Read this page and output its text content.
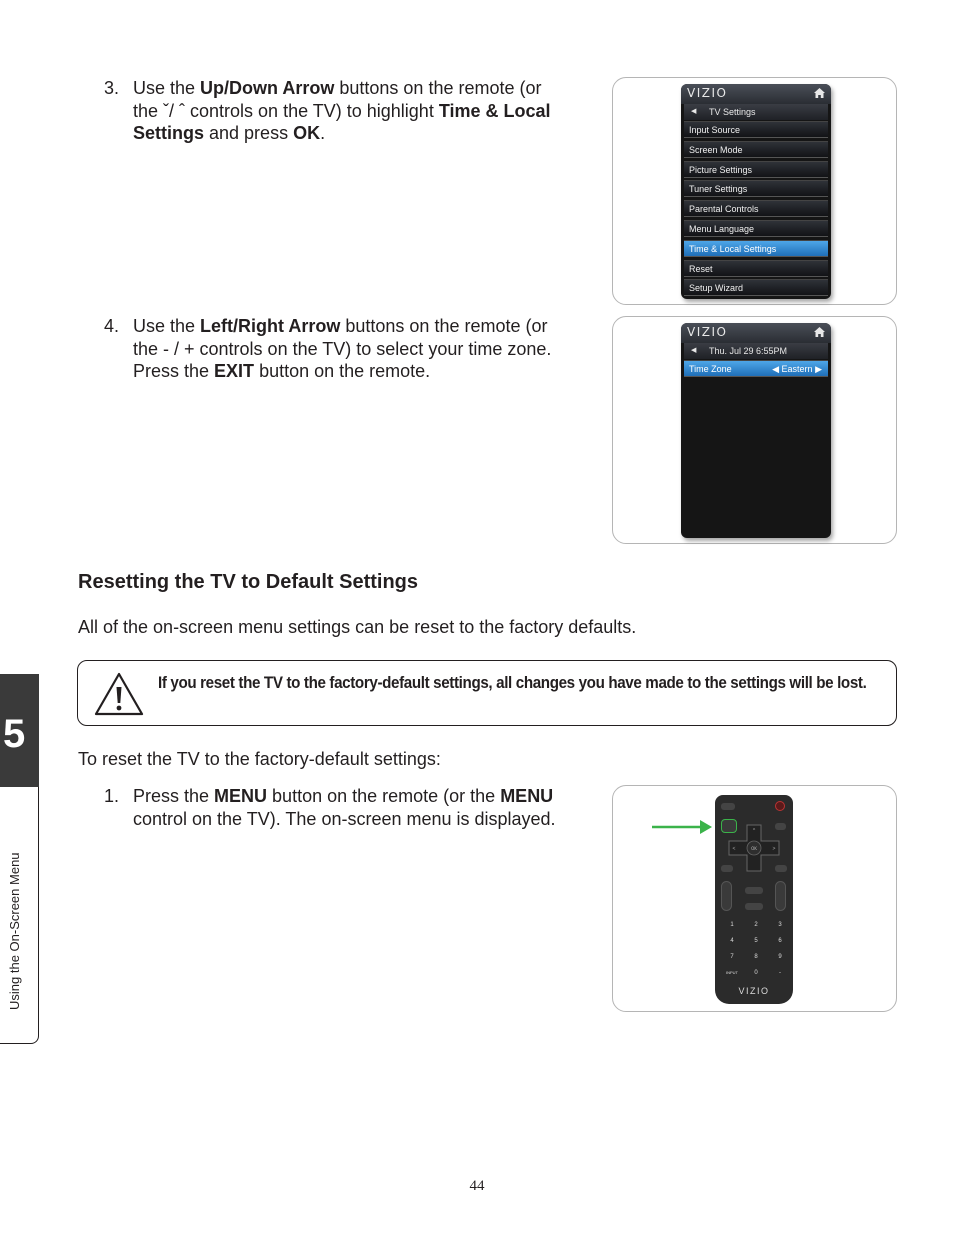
3. Use the Up/Down Arrow buttons on the remote (or
the ˇ/ ˆ controls on the TV) to highlight Time & Local
Settings and press OK.
4. Use the Left/Right Arrow buttons on the remote (or
the - / + controls on the TV) to select your time zone.
Press the EXIT button on the remote.
VIZIO
◀ TV Settings
Input Source
Screen Mode
Picture Settings
Tuner Settings
Parental Controls
Menu Language
Time & Local Settings
Reset
Setup Wizard
VIZIO
◀ Thu. Jul 29 6:55PM
Time Zone	◀ Eastern ▶
Resetting the TV to Default Settings

All of the on-screen menu settings can be reset to the factory defaults.

If you reset the TV to the factory-default settings, all changes you have made to the settings will be lost.

To reset the TV to the factory-default settings:

1. Press the MENU button on the remote (or the MENU
control on the TV). The on-screen menu is displayed.
OK
^
<	>
1	2	3
4	5	6
7	8	9
INPUT	0	-
VIZIO
5
Using the On-Screen Menu
44
